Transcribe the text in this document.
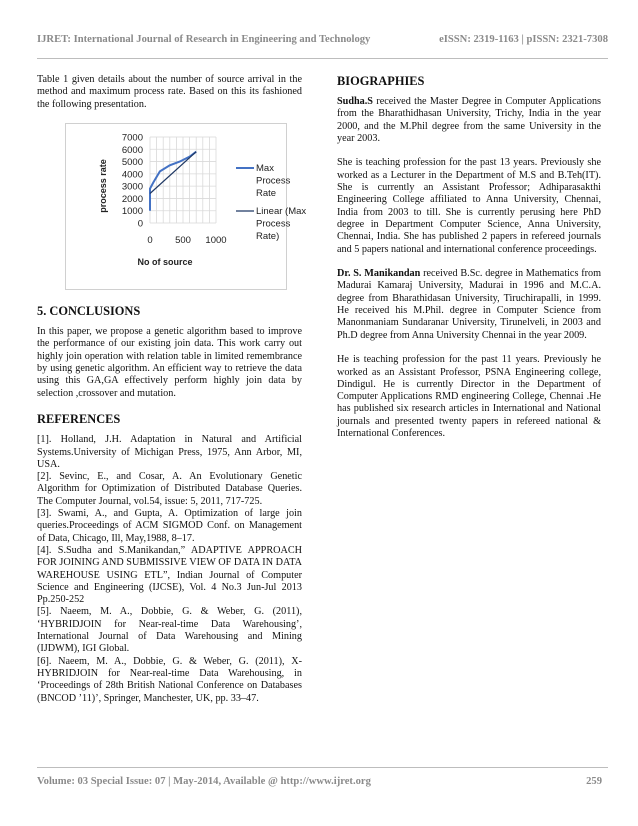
IJRET: International Journal of Research in Engineering and Technology	eISSN: 2319-1163 | pISSN: 2321-7308

Table 1 given details about the number of source arrival in the method and maximum process rate. Based on this its fashioned the following presentation.

0
1000
2000
3000
4000
5000
6000
7000
0 500 1000
No of source
process rate	Max Process Rate
Linear (Max Process Rate)
5. CONCLUSIONS

In this paper, we propose a genetic algorithm based to improve the performance of our existing join data. This work carry out highly join operation with relation table in limited remembrance by using genetic algorithm. An efficient way to retrieve the data using this GA,GA effectively perform highly join data by selection ,crossover and mutation.

REFERENCES
[1]. Holland, J.H. Adaptation in Natural and Artificial Systems.University of Michigan Press, 1975, Ann Arbor, MI, USA.
[2]. Sevinc, E., and Cosar, A. An Evolutionary Genetic Algorithm for Optimization of Distributed Database Queries. The Computer Journal, vol.54, issue: 5, 2011, 717-725.
[3]. Swami, A., and Gupta, A. Optimization of large join queries.Proceedings of ACM SIGMOD Conf. on Management of Data, Chicago, Ill, May,1988, 8–17.
[4]. S.Sudha and S.Manikandan,” ADAPTIVE APPROACH FOR JOINING AND SUBMISSIVE VIEW OF DATA IN DATA WAREHOUSE USING ETL”, Indian Journal of Computer Science and Engineering (IJCSE), Vol. 4 No.3 Jun-Jul 2013 Pp.250-252
[5]. Naeem, M. A., Dobbie, G. & Weber, G. (2011), ‘HYBRIDJOIN for Near-real-time Data Warehousing’, International Journal of Data Warehousing and Mining (IJDWM), IGI Global.
[6]. Naeem, M. A., Dobbie, G. & Weber, G. (2011), X-HYBRIDJOIN for Near-real-time Data Warehousing, in ‘Proceedings of 28th British National Conference on Databases (BNCOD ’11)’, Springer, Manchester, UK, pp. 33–47.
BIOGRAPHIES

Sudha.S received the Master Degree in Computer Applications from the Bharathidhasan University, Trichy, India in the year 2000, and the M.Phil degree from the same University in the year 2003.

She is teaching profession for the past 13 years. Previously she worked as a Lecturer in the Department of M.S and B.Teh(IT). She is currently an Assistant Professor; Adhiparasakthi Engineering College affiliated to Anna University, Chennai, India from 2003 to till. She is currently perusing here PhD degree in Department Computer Science, Anna University, Chennai, India. She has published 2 papers in refereed journals and 5 papers national and international conference proceedings.

Dr. S. Manikandan received B.Sc. degree in Mathematics from Madurai Kamaraj University, Madurai in 1996 and M.C.A. degree from Bharathidasan University, Tiruchirapalli, in 1999. He received his M.Phil. degree in Computer Science from Manonmaniam Sundaranar University, Tirunelveli, in 2003 and Ph.D degree from Anna University Chennai in the year 2009.

He is teaching profession for the past 11 years. Previously he worked as an Assistant Professor, PSNA Engineering college, Dindigul. He is currently Director in the Department of Computer Applications RMD engineering College, Chennai .He has published six research articles in International and National journals and presented twenty papers in refereed national & International Conferences.

Volume: 03 Special Issue: 07 | May-2014, Available @ http://www.ijret.org	259
